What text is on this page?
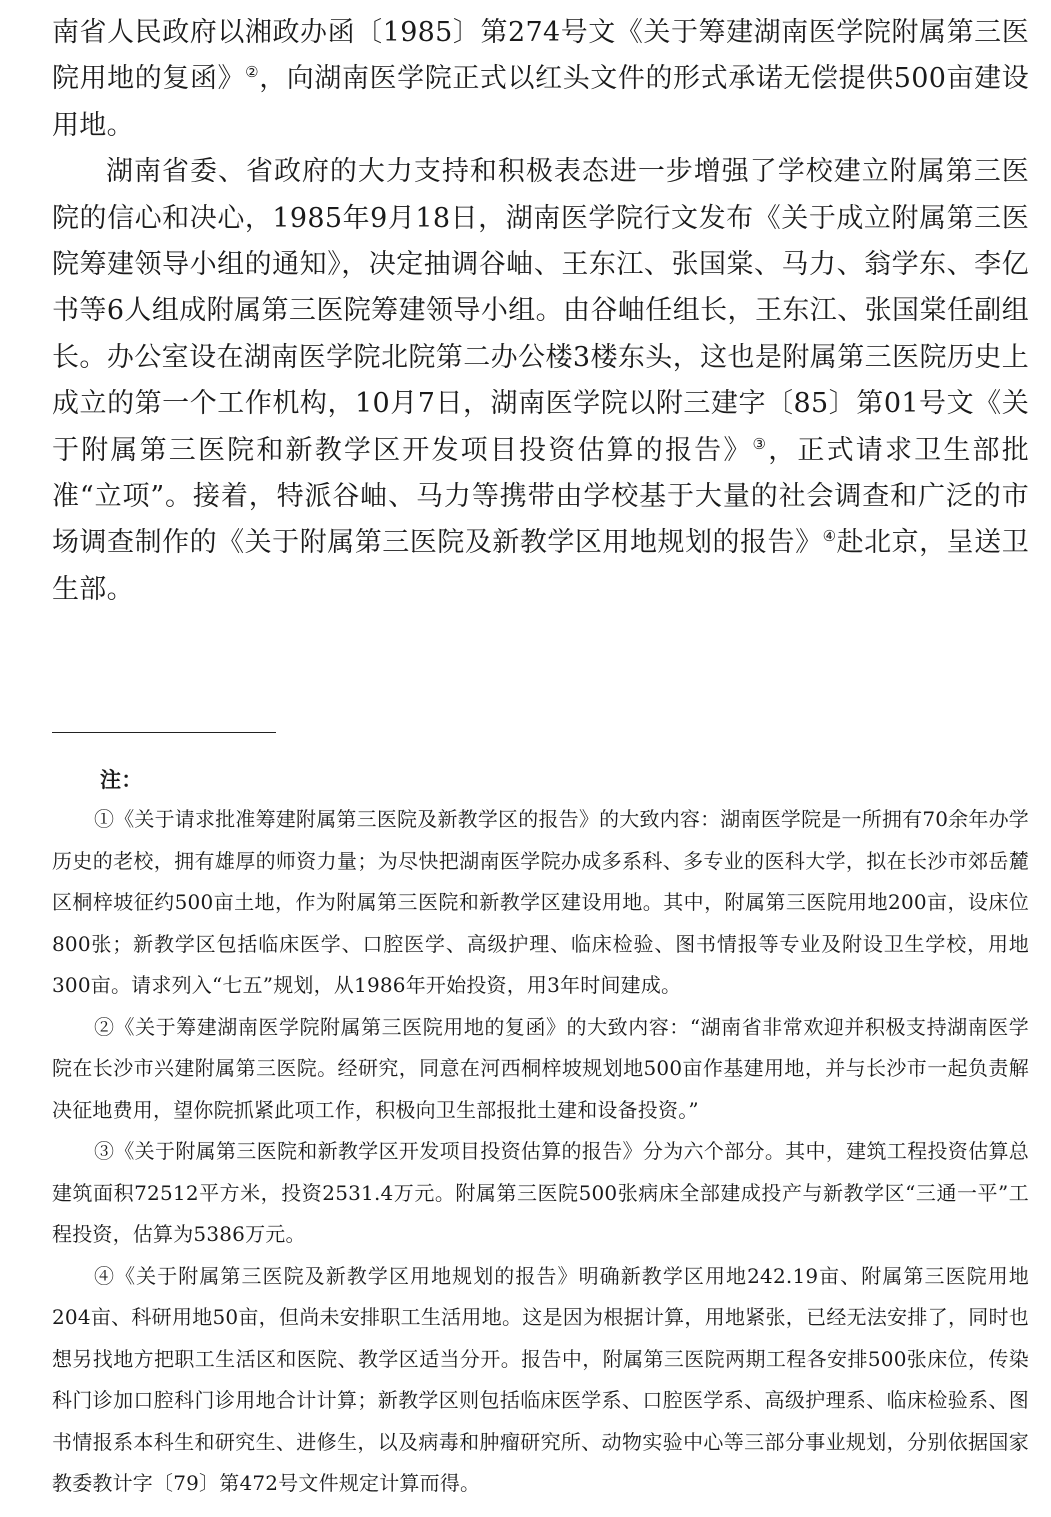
南省人民政府以湘政办函〔1985〕第274号文《关于筹建湖南医学院附属第三医院用地的复函》②，向湖南医学院正式以红头文件的形式承诺无偿提供500亩建设用地。

湖南省委、省政府的大力支持和积极表态进一步增强了学校建立附属第三医院的信心和决心，1985年9月18日，湖南医学院行文发布《关于成立附属第三医院筹建领导小组的通知》，决定抽调谷岫、王东江、张国棠、马力、翁学东、李亿书等6人组成附属第三医院筹建领导小组。由谷岫任组长，王东江、张国棠任副组长。办公室设在湖南医学院北院第二办公楼3楼东头，这也是附属第三医院历史上成立的第一个工作机构，10月7日，湖南医学院以附三建字〔85〕第01号文《关于附属第三医院和新教学区开发项目投资估算的报告》③，正式请求卫生部批准“立项”。接着，特派谷岫、马力等携带由学校基于大量的社会调查和广泛的市场调查制作的《关于附属第三医院及新教学区用地规划的报告》④赴北京，呈送卫生部。

注：

①《关于请求批准筹建附属第三医院及新教学区的报告》的大致内容：湖南医学院是一所拥有70余年办学历史的老校，拥有雄厚的师资力量；为尽快把湖南医学院办成多系科、多专业的医科大学，拟在长沙市郊岳麓区桐梓坡征约500亩土地，作为附属第三医院和新教学区建设用地。其中，附属第三医院用地200亩，设床位800张；新教学区包括临床医学、口腔医学、高级护理、临床检验、图书情报等专业及附设卫生学校，用地300亩。请求列入“七五”规划，从1986年开始投资，用3年时间建成。

②《关于筹建湖南医学院附属第三医院用地的复函》的大致内容：“湖南省非常欢迎并积极支持湖南医学院在长沙市兴建附属第三医院。经研究，同意在河西桐梓坡规划地500亩作基建用地，并与长沙市一起负责解决征地费用，望你院抓紧此项工作，积极向卫生部报批土建和设备投资。”

③《关于附属第三医院和新教学区开发项目投资估算的报告》分为六个部分。其中，建筑工程投资估算总建筑面积72512平方米，投资2531.4万元。附属第三医院500张病床全部建成投产与新教学区“三通一平”工程投资，估算为5386万元。

④《关于附属第三医院及新教学区用地规划的报告》明确新教学区用地242.19亩、附属第三医院用地204亩、科研用地50亩，但尚未安排职工生活用地。这是因为根据计算，用地紧张，已经无法安排了，同时也想另找地方把职工生活区和医院、教学区适当分开。报告中，附属第三医院两期工程各安排500张床位，传染科门诊加口腔科门诊用地合计计算；新教学区则包括临床医学系、口腔医学系、高级护理系、临床检验系、图书情报系本科生和研究生、进修生，以及病毒和肿瘤研究所、动物实验中心等三部分事业规划，分别依据国家教委教计字〔79〕第472号文件规定计算而得。
